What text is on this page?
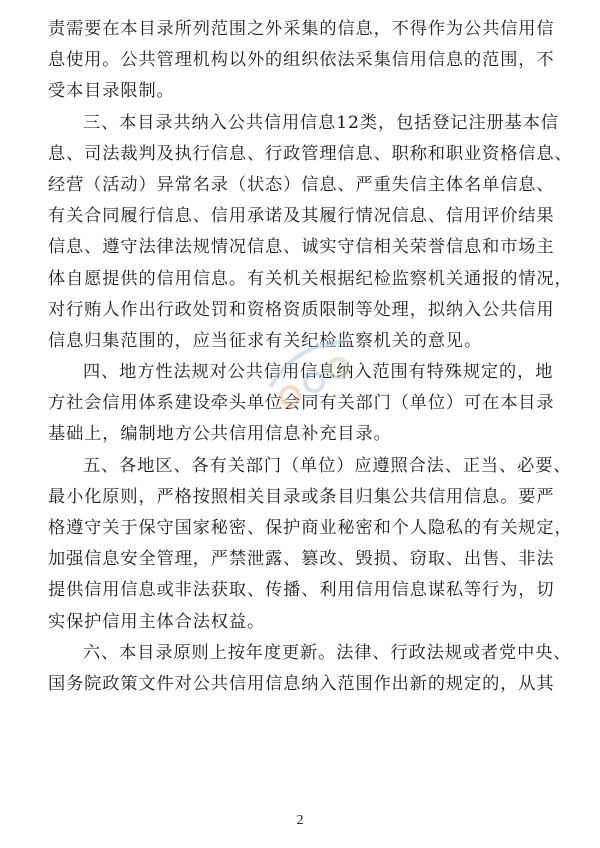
责需要在本目录所列范围之外采集的信息，不得作为公共信用信
息使用。公共管理机构以外的组织依法采集信用信息的范围，不
受本目录限制。
三、本目录共纳入公共信用信息12类，包括登记注册基本信
息、司法裁判及执行信息、行政管理信息、职称和职业资格信息、
经营（活动）异常名录（状态）信息、严重失信主体名单信息、
有关合同履行信息、信用承诺及其履行情况信息、信用评价结果
信息、遵守法律法规情况信息、诚实守信相关荣誉信息和市场主
体自愿提供的信用信息。有关机关根据纪检监察机关通报的情况，
对行贿人作出行政处罚和资格资质限制等处理，拟纳入公共信用
信息归集范围的，应当征求有关纪检监察机关的意见。
四、地方性法规对公共信用信息纳入范围有特殊规定的，地
方社会信用体系建设牵头单位会同有关部门（单位）可在本目录
基础上，编制地方公共信用信息补充目录。
五、各地区、各有关部门（单位）应遵照合法、正当、必要、
最小化原则，严格按照相关目录或条目归集公共信用信息。要严
格遵守关于保守国家秘密、保护商业秘密和个人隐私的有关规定，
加强信息安全管理，严禁泄露、篡改、毁损、窃取、出售、非法
提供信用信息或非法获取、传播、利用信用信息谋私等行为，切
实保护信用主体合法权益。
六、本目录原则上按年度更新。法律、行政法规或者党中央、
国务院政策文件对公共信用信息纳入范围作出新的规定的，从其
2
